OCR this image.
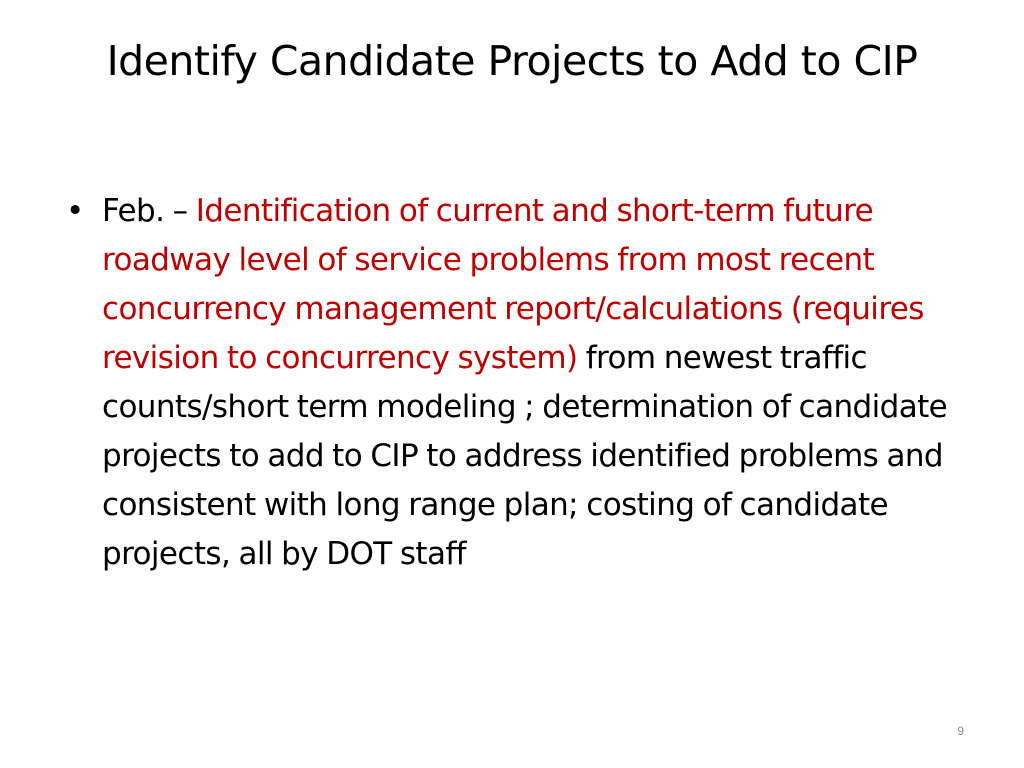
Identify Candidate Projects to Add to CIP
• Feb. – Identification of current and short-term future roadway level of service problems from most recent concurrency management report/calculations (requires revision to concurrency system) from newest traffic counts/short term modeling ; determination of candidate projects to add to CIP to address identified problems and consistent with long range plan; costing of candidate projects, all by DOT staff
9
